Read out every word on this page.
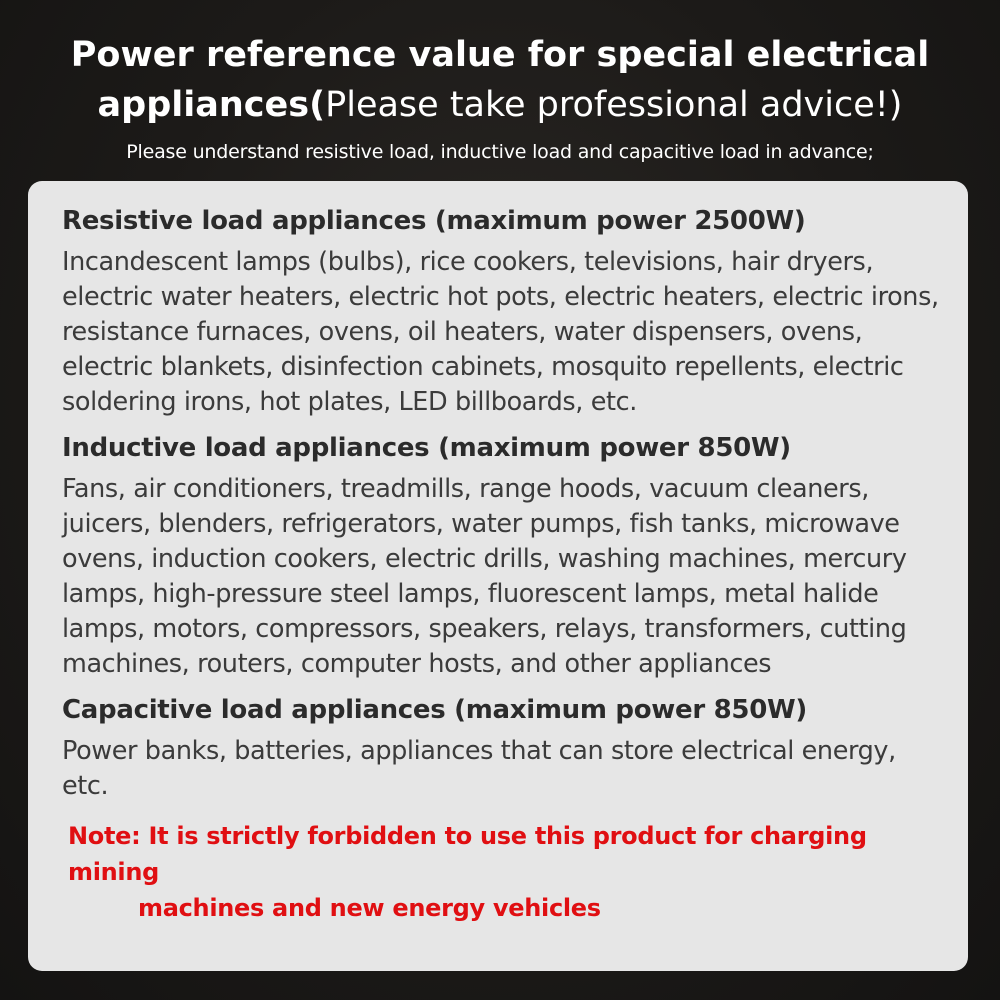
Power reference value for special electrical
appliances(Please take professional advice!)
Please understand resistive load, inductive load and capacitive load in advance;
Resistive load appliances (maximum power 2500W)

Incandescent lamps (bulbs), rice cookers, televisions, hair dryers, electric water heaters, electric hot pots, electric heaters, electric irons, resistance furnaces, ovens, oil heaters, water dispensers, ovens, electric blankets, disinfection cabinets, mosquito repellents, electric soldering irons, hot plates, LED billboards, etc.

Inductive load appliances (maximum power 850W)

Fans, air conditioners, treadmills, range hoods, vacuum cleaners, juicers, blenders, refrigerators, water pumps, fish tanks, microwave ovens, induction cookers, electric drills, washing machines, mercury lamps, high-pressure steel lamps, fluorescent lamps, metal halide lamps, motors, compressors, speakers, relays, transformers, cutting machines, routers, computer hosts, and other appliances

Capacitive load appliances (maximum power 850W)

Power banks, batteries, appliances that can store electrical energy, etc.

Note: It is strictly forbidden to use this product for charging mining
machines and new energy vehicles
